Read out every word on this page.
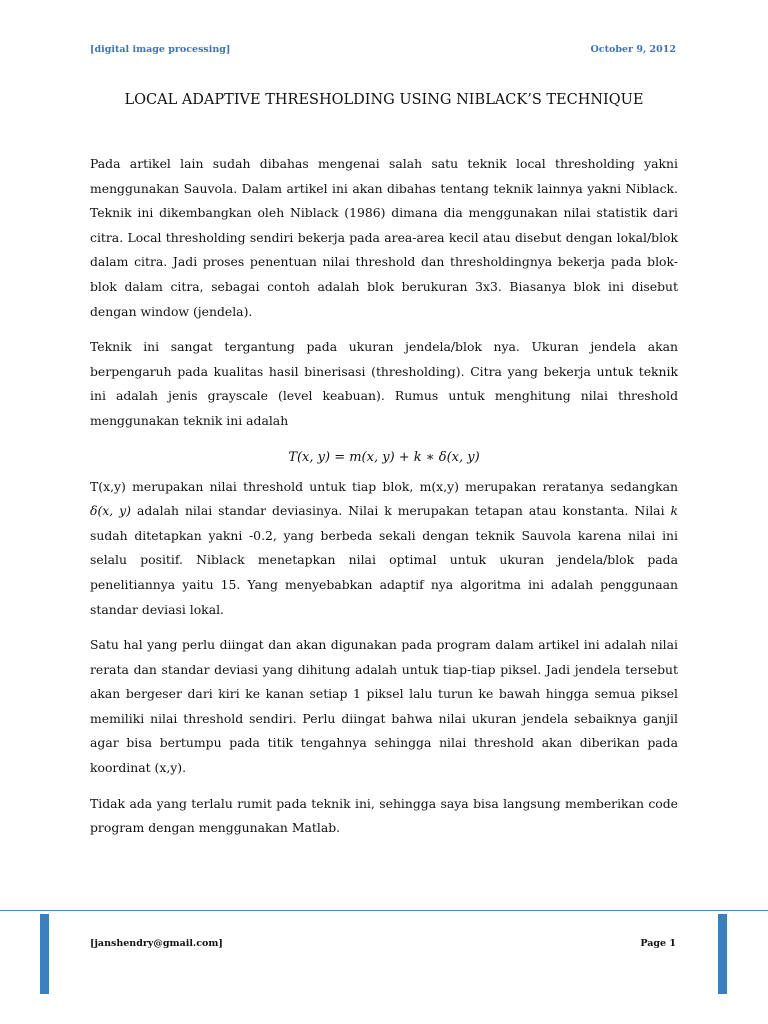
[digital image processing]	October 9, 2012
LOCAL ADAPTIVE THRESHOLDING USING NIBLACK’S TECHNIQUE

Pada artikel lain sudah dibahas mengenai salah satu teknik local thresholding yakni menggunakan Sauvola. Dalam artikel ini akan dibahas tentang teknik lainnya yakni Niblack. Teknik ini dikembangkan oleh Niblack (1986) dimana dia menggunakan nilai statistik dari citra. Local thresholding sendiri bekerja pada area-area kecil atau disebut dengan lokal/blok dalam citra. Jadi proses penentuan nilai threshold dan thresholdingnya bekerja pada blok-blok dalam citra, sebagai contoh adalah blok berukuran 3x3. Biasanya blok ini disebut dengan window (jendela).

Teknik ini sangat tergantung pada ukuran jendela/blok nya. Ukuran jendela akan berpengaruh pada kualitas hasil binerisasi (thresholding). Citra yang bekerja untuk teknik ini adalah jenis grayscale (level keabuan). Rumus untuk menghitung nilai threshold menggunakan teknik ini adalah

T(x, y) = m(x, y) + k ∗ δ(x, y)

T(x,y) merupakan nilai threshold untuk tiap blok, m(x,y) merupakan reratanya sedangkan δ(x, y) adalah nilai standar deviasinya. Nilai k merupakan tetapan atau konstanta. Nilai k sudah ditetapkan yakni -0.2, yang berbeda sekali dengan teknik Sauvola karena nilai ini selalu positif. Niblack menetapkan nilai optimal untuk ukuran jendela/blok pada penelitiannya yaitu 15. Yang menyebabkan adaptif nya algoritma ini adalah penggunaan standar deviasi lokal.

Satu hal yang perlu diingat dan akan digunakan pada program dalam artikel ini adalah nilai rerata dan standar deviasi yang dihitung adalah untuk tiap-tiap piksel. Jadi jendela tersebut akan bergeser dari kiri ke kanan setiap 1 piksel lalu turun ke bawah hingga semua piksel memiliki nilai threshold sendiri. Perlu diingat bahwa nilai ukuran jendela sebaiknya ganjil agar bisa bertumpu pada titik tengahnya sehingga nilai threshold akan diberikan pada koordinat (x,y).

Tidak ada yang terlalu rumit pada teknik ini, sehingga saya bisa langsung memberikan code program dengan menggunakan Matlab.

[janshendry@gmail.com]	Page 1
